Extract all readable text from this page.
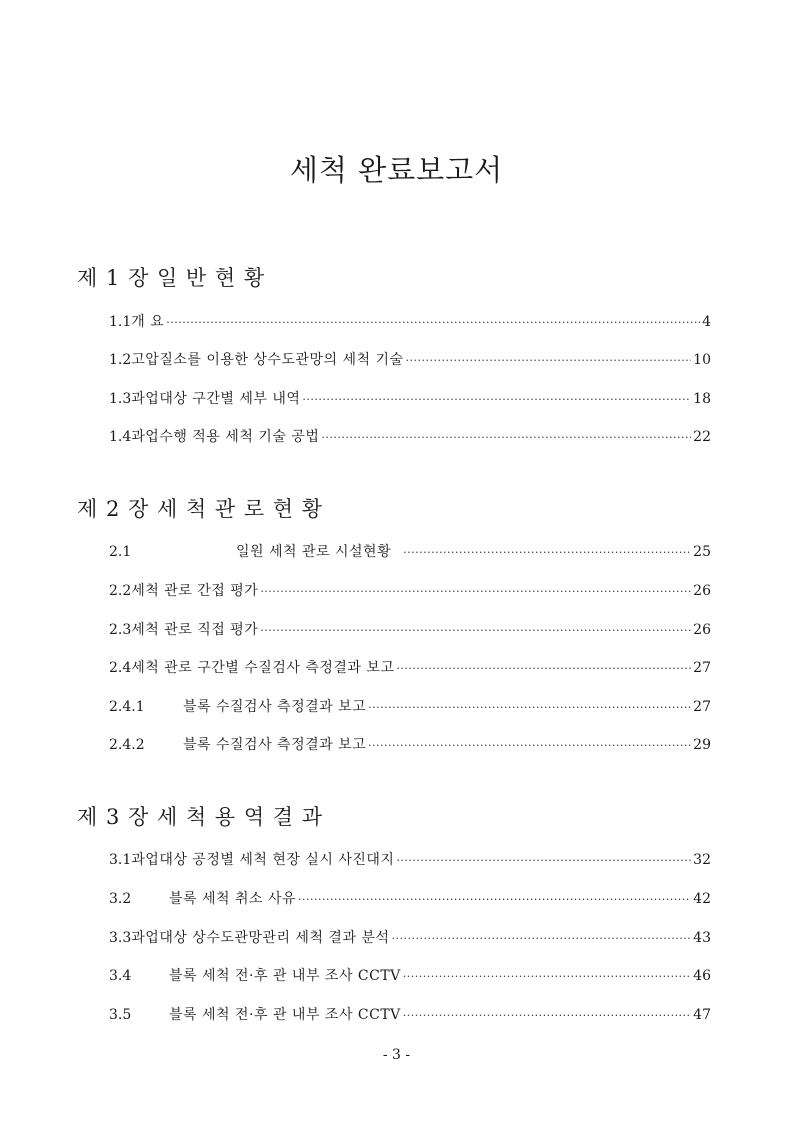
세척 완료보고서
제 1 장 일 반 현 황
1.1 개 요 ·····	4
1.2 고압질소를 이용한 상수도관망의 세척 기술 ·····	10
1.3 과업대상 구간별 세부 내역 ·····	18
1.4 과업수행 적용 세척 기술 공법 ·····	22
제 2 장 세 척 관 로 현 황
2.1	일원 세척 관로 시설현황 ·····	25
2.2 세척 관로 간접 평가 ·····	26
2.3 세척 관로 직접 평가 ·····	26
2.4 세척 관로 구간별 수질검사 측정결과 보고 ·····	27
2.4.1	블록 수질검사 측정결과 보고 ·····	27
2.4.2	블록 수질검사 측정결과 보고 ·····	29
제 3 장 세 척 용 역 결 과
3.1 과업대상 공정별 세척 현장 실시 사진대지 ·····	32
3.2	블록 세척 취소 사유 ·····	42
3.3 과업대상 상수도관망관리 세척 결과 분석 ·····	43
3.4	블록 세척 전·후 관 내부 조사 CCTV ·····	46
3.5	블록 세척 전·후 관 내부 조사 CCTV ·····	47
- 3 -
